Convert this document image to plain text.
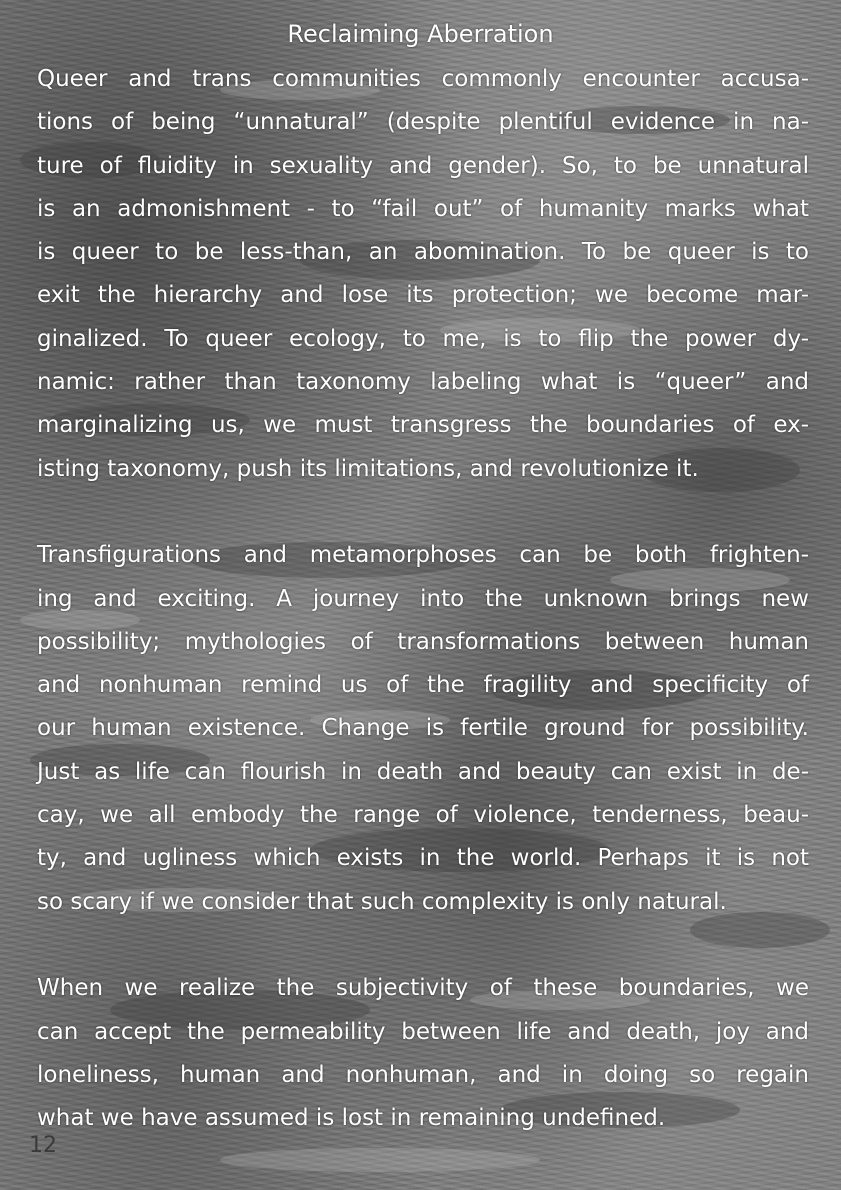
Reclaiming Aberration
Queer and trans communities commonly encounter accusa-
tions of being “unnatural” (despite plentiful evidence in na-
ture of fluidity in sexuality and gender). So, to be unnatural
is an admonishment - to “fail out” of humanity marks what
is queer to be less-than, an abomination. To be queer is to
exit the hierarchy and lose its protection; we become mar-
ginalized. To queer ecology, to me, is to flip the power dy-
namic: rather than taxonomy labeling what is “queer” and
marginalizing us, we must transgress the boundaries of ex-
isting taxonomy, push its limitations, and revolutionize it.
Transfigurations and metamorphoses can be both frighten-
ing and exciting. A journey into the unknown brings new
possibility; mythologies of transformations between human
and nonhuman remind us of the fragility and specificity of
our human existence. Change is fertile ground for possibility.
Just as life can flourish in death and beauty can exist in de-
cay, we all embody the range of violence, tenderness, beau-
ty, and ugliness which exists in the world. Perhaps it is not
so scary if we consider that such complexity is only natural.
When we realize the subjectivity of these boundaries, we
can accept the permeability between life and death, joy and
loneliness, human and nonhuman, and in doing so regain
what we have assumed is lost in remaining undefined.
12
